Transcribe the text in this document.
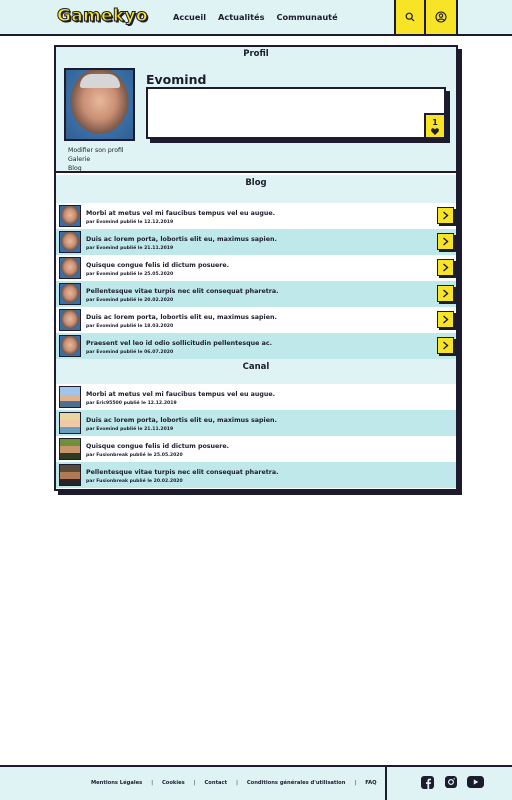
Gamekyo	Accueil Actualités Communauté
Profil
Modifier son profil
Galerie
Blog
Evomind
1
Blog
Morbi at metus vel mi faucibus tempus vel eu augue.
par Evomind publié le 12.12.2019
Duis ac lorem porta, lobortis elit eu, maximus sapien.
par Evomind publié le 21.11.2019
Quisque congue felis id dictum posuere.
par Evomind publié le 25.05.2020
Pellentesque vitae turpis nec elit consequat pharetra.
par Evomind publié le 20.02.2020
Duis ac lorem porta, lobortis elit eu, maximus sapien.
par Evomind publié le 18.03.2020
Praesent vel leo id odio sollicitudin pellentesque ac.
par Evomind publié le 06.07.2020
Canal
Morbi at metus vel mi faucibus tempus vel eu augue.
par Eric95500 publié le 12.12.2019
Duis ac lorem porta, lobortis elit eu, maximus sapien.
par Evomind publié le 21.11.2019
Quisque congue felis id dictum posuere.
par Fusionbreak publié le 25.05.2020
Pellentesque vitae turpis nec elit consequat pharetra.
par Fusionbreak publié le 20.02.2020
Mentions Légales | Cookies | Contact | Conditions générales d'utilisation | FAQ
